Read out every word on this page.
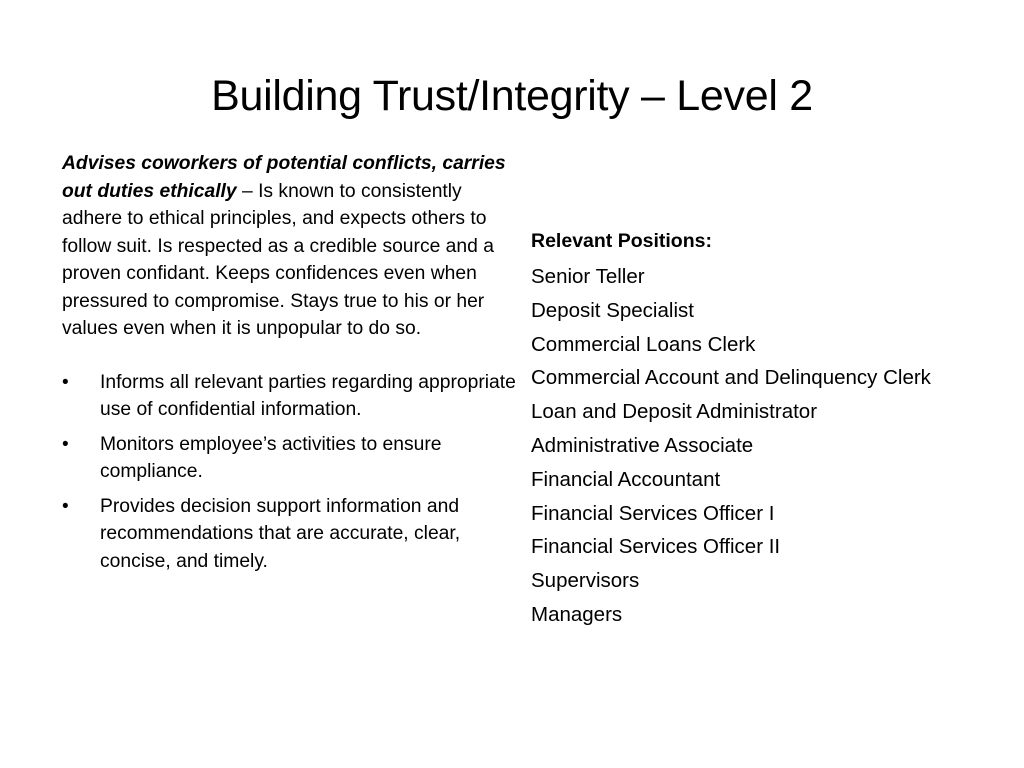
Building Trust/Integrity – Level 2

Advises coworkers of potential conflicts, carries out duties ethically – Is known to consistently adhere to ethical principles, and expects others to follow suit. Is respected as a credible source and a proven confidant. Keeps confidences even when pressured to compromise. Stays true to his or her values even when it is unpopular to do so.

•	Informs all relevant parties regarding appropriate use of confidential information.
•	Monitors employee’s activities to ensure compliance.
•	Provides decision support information and recommendations that are accurate, clear, concise, and timely.

Relevant Positions:

Senior Teller
Deposit Specialist
Commercial Loans Clerk
Commercial Account and Delinquency Clerk
Loan and Deposit Administrator
Administrative Associate
Financial Accountant
Financial Services Officer I
Financial Services Officer II
Supervisors
Managers
